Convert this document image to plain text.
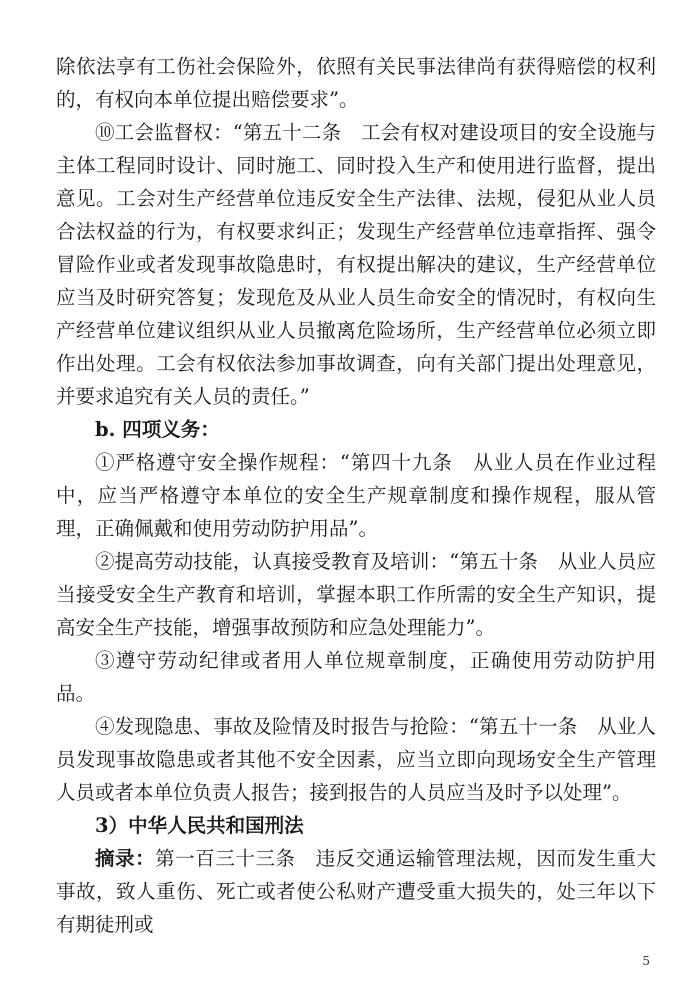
除依法享有工伤社会保险外，依照有关民事法律尚有获得赔偿的权利的，有权向本单位提出赔偿要求”。

⑩工会监督权：“第五十二条　工会有权对建设项目的安全设施与主体工程同时设计、同时施工、同时投入生产和使用进行监督，提出意见。工会对生产经营单位违反安全生产法律、法规，侵犯从业人员合法权益的行为，有权要求纠正；发现生产经营单位违章指挥、强令冒险作业或者发现事故隐患时，有权提出解决的建议，生产经营单位应当及时研究答复；发现危及从业人员生命安全的情况时，有权向生产经营单位建议组织从业人员撤离危险场所，生产经营单位必须立即作出处理。工会有权依法参加事故调查，向有关部门提出处理意见，并要求追究有关人员的责任。”

b. 四项义务：

①严格遵守安全操作规程：“第四十九条　从业人员在作业过程中，应当严格遵守本单位的安全生产规章制度和操作规程，服从管理，正确佩戴和使用劳动防护用品”。

②提高劳动技能，认真接受教育及培训：“第五十条　从业人员应当接受安全生产教育和培训，掌握本职工作所需的安全生产知识，提高安全生产技能，增强事故预防和应急处理能力”。

③遵守劳动纪律或者用人单位规章制度，正确使用劳动防护用品。

④发现隐患、事故及险情及时报告与抢险：“第五十一条　从业人员发现事故隐患或者其他不安全因素，应当立即向现场安全生产管理人员或者本单位负责人报告；接到报告的人员应当及时予以处理”。

3）中华人民共和国刑法

摘录：第一百三十三条　违反交通运输管理法规，因而发生重大事故，致人重伤、死亡或者使公私财产遭受重大损失的，处三年以下有期徒刑或

5
